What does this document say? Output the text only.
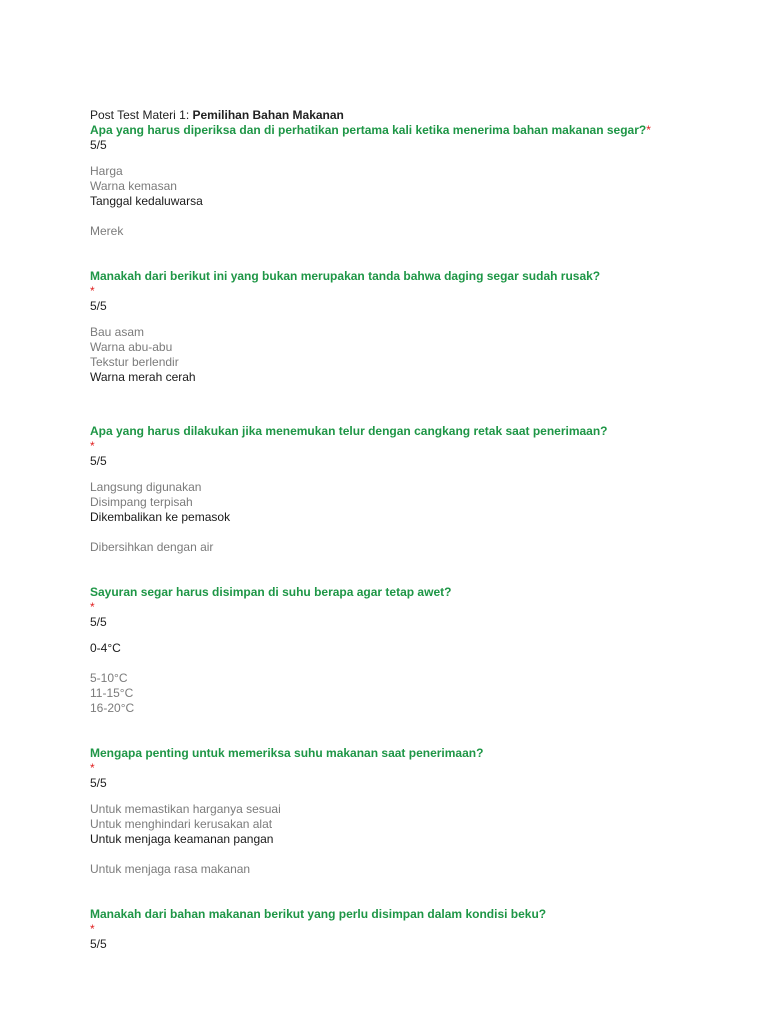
Post Test Materi 1: Pemilihan Bahan Makanan
Apa yang harus diperiksa dan di perhatikan pertama kali ketika menerima bahan makanan segar?*
5/5
Harga
Warna kemasan
Tanggal kedaluwarsa
Merek
Manakah dari berikut ini yang bukan merupakan tanda bahwa daging segar sudah rusak?
*
5/5
Bau asam
Warna abu-abu
Tekstur berlendir
Warna merah cerah
Apa yang harus dilakukan jika menemukan telur dengan cangkang retak saat penerimaan?
*
5/5
Langsung digunakan
Disimpang terpisah
Dikembalikan ke pemasok
Dibersihkan dengan air
Sayuran segar harus disimpan di suhu berapa agar tetap awet?
*
5/5
0-4°C
5-10°C
11-15°C
16-20°C
Mengapa penting untuk memeriksa suhu makanan saat penerimaan?
*
5/5
Untuk memastikan harganya sesuai
Untuk menghindari kerusakan alat
Untuk menjaga keamanan pangan
Untuk menjaga rasa makanan
Manakah dari bahan makanan berikut yang perlu disimpan dalam kondisi beku?
*
5/5
